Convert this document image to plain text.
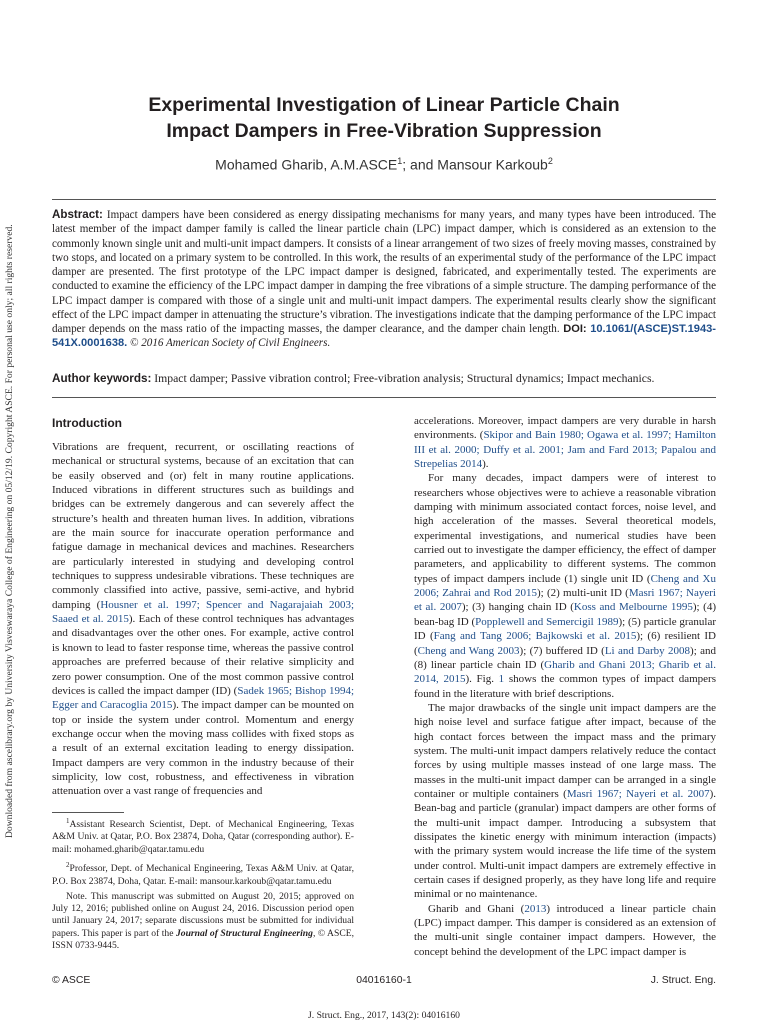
Downloaded from ascelibrary.org by University Visveswaraya College of Engineering on 05/12/19. Copyright ASCE. For personal use only; all rights reserved.
Experimental Investigation of Linear Particle Chain
Impact Dampers in Free-Vibration Suppression
Mohamed Gharib, A.M.ASCE$^1$; and Mansour Karkoub$^2$

Abstract: Impact dampers have been considered as energy dissipating mechanisms for many years, and many types have been introduced. The latest member of the impact damper family is called the linear particle chain (LPC) impact damper, which is considered as an extension to the commonly known single unit and multi-unit impact dampers. It consists of a linear arrangement of two sizes of freely moving masses, constrained by two stops, and located on a primary system to be controlled. In this work, the results of an experimental study of the performance of the LPC impact damper are presented. The first prototype of the LPC impact damper is designed, fabricated, and experimentally tested. The experiments are conducted to examine the efficiency of the LPC impact damper in damping the free vibrations of a simple structure. The damping performance of the LPC impact damper is compared with those of a single unit and multi-unit impact dampers. The experimental results clearly show the significant effect of the LPC impact damper in attenuating the structure’s vibration. The investigations indicate that the damping performance of the LPC impact damper depends on the mass ratio of the impacting masses, the damper clearance, and the damper chain length. DOI: 10.1061/(ASCE)ST.1943-541X.0001638. © 2016 American Society of Civil Engineers.

Author keywords: Impact damper; Passive vibration control; Free-vibration analysis; Structural dynamics; Impact mechanics.

Introduction

Vibrations are frequent, recurrent, or oscillating reactions of mechanical or structural systems, because of an excitation that can be easily observed and (or) felt in many routine applications. Induced vibrations in different structures such as buildings and bridges can be extremely dangerous and can severely affect the structure’s health and threaten human lives. In addition, vibrations are the main source for inaccurate operation performance and fatigue damage in mechanical devices and machines. Researchers are particularly interested in studying and developing control techniques to suppress undesirable vibrations. These techniques are commonly classified into active, passive, semi-active, and hybrid damping (Housner et al. 1997; Spencer and Nagarajaiah 2003; Saaed et al. 2015). Each of these control techniques has advantages and disadvantages over the other ones. For example, active control is known to lead to faster response time, whereas the passive control approaches are preferred because of their relative simplicity and zero power consumption. One of the most common passive control devices is called the impact damper (ID) (Sadek 1965; Bishop 1994; Egger and Caracoglia 2015). The impact damper can be mounted on top or inside the system under control. Momentum and energy exchange occur when the moving mass collides with fixed stops as a result of an external excitation leading to energy dissipation. Impact dampers are very common in the industry because of their simplicity, low cost, robustness, and effectiveness in vibration attenuation over a vast range of frequencies and

accelerations. Moreover, impact dampers are very durable in harsh environments. (Skipor and Bain 1980; Ogawa et al. 1997; Hamilton III et al. 2000; Duffy et al. 2001; Jam and Fard 2013; Papalou and Strepelias 2014).

For many decades, impact dampers were of interest to researchers whose objectives were to achieve a reasonable vibration damping with minimum associated contact forces, noise level, and high acceleration of the masses. Several theoretical models, experimental investigations, and numerical studies have been carried out to investigate the damper efficiency, the effect of damper parameters, and applicability to different systems. The common types of impact dampers include (1) single unit ID (Cheng and Xu 2006; Zahrai and Rod 2015); (2) multi-unit ID (Masri 1967; Nayeri et al. 2007); (3) hanging chain ID (Koss and Melbourne 1995); (4) bean-bag ID (Popplewell and Semercigil 1989); (5) particle granular ID (Fang and Tang 2006; Bajkowski et al. 2015); (6) resilient ID (Cheng and Wang 2003); (7) buffered ID (Li and Darby 2008); and (8) linear particle chain ID (Gharib and Ghani 2013; Gharib et al. 2014, 2015). Fig. 1 shows the common types of impact dampers found in the literature with brief descriptions.

The major drawbacks of the single unit impact dampers are the high noise level and surface fatigue after impact, because of the high contact forces between the impact mass and the primary system. The multi-unit impact dampers relatively reduce the contact forces by using multiple masses instead of one large mass. The masses in the multi-unit impact damper can be arranged in a single container or multiple containers (Masri 1967; Nayeri et al. 2007). Bean-bag and particle (granular) impact dampers are other forms of the multi-unit impact damper. Introducing a subsystem that dissipates the kinetic energy with minimum interaction (impacts) with the primary system would increase the life time of the system under control. Multi-unit impact dampers are extremely effective in certain cases if designed properly, as they have long life and require minimal or no maintenance.

Gharib and Ghani (2013) introduced a linear particle chain (LPC) impact damper. This damper is considered as an extension of the multi-unit single container impact dampers. However, the concept behind the development of the LPC impact damper is

$^1$Assistant Research Scientist, Dept. of Mechanical Engineering, Texas A&M Univ. at Qatar, P.O. Box 23874, Doha, Qatar (corresponding author). E-mail: mohamed.gharib@qatar.tamu.edu

$^2$Professor, Dept. of Mechanical Engineering, Texas A&M Univ. at Qatar, P.O. Box 23874, Doha, Qatar. E-mail: mansour.karkoub@qatar.tamu.edu

Note. This manuscript was submitted on August 20, 2015; approved on July 12, 2016; published online on August 24, 2016. Discussion period open until January 24, 2017; separate discussions must be submitted for individual papers. This paper is part of the Journal of Structural Engineering, © ASCE, ISSN 0733-9445.

© ASCE	04016160-1	J. Struct. Eng.
J. Struct. Eng., 2017, 143(2): 04016160
